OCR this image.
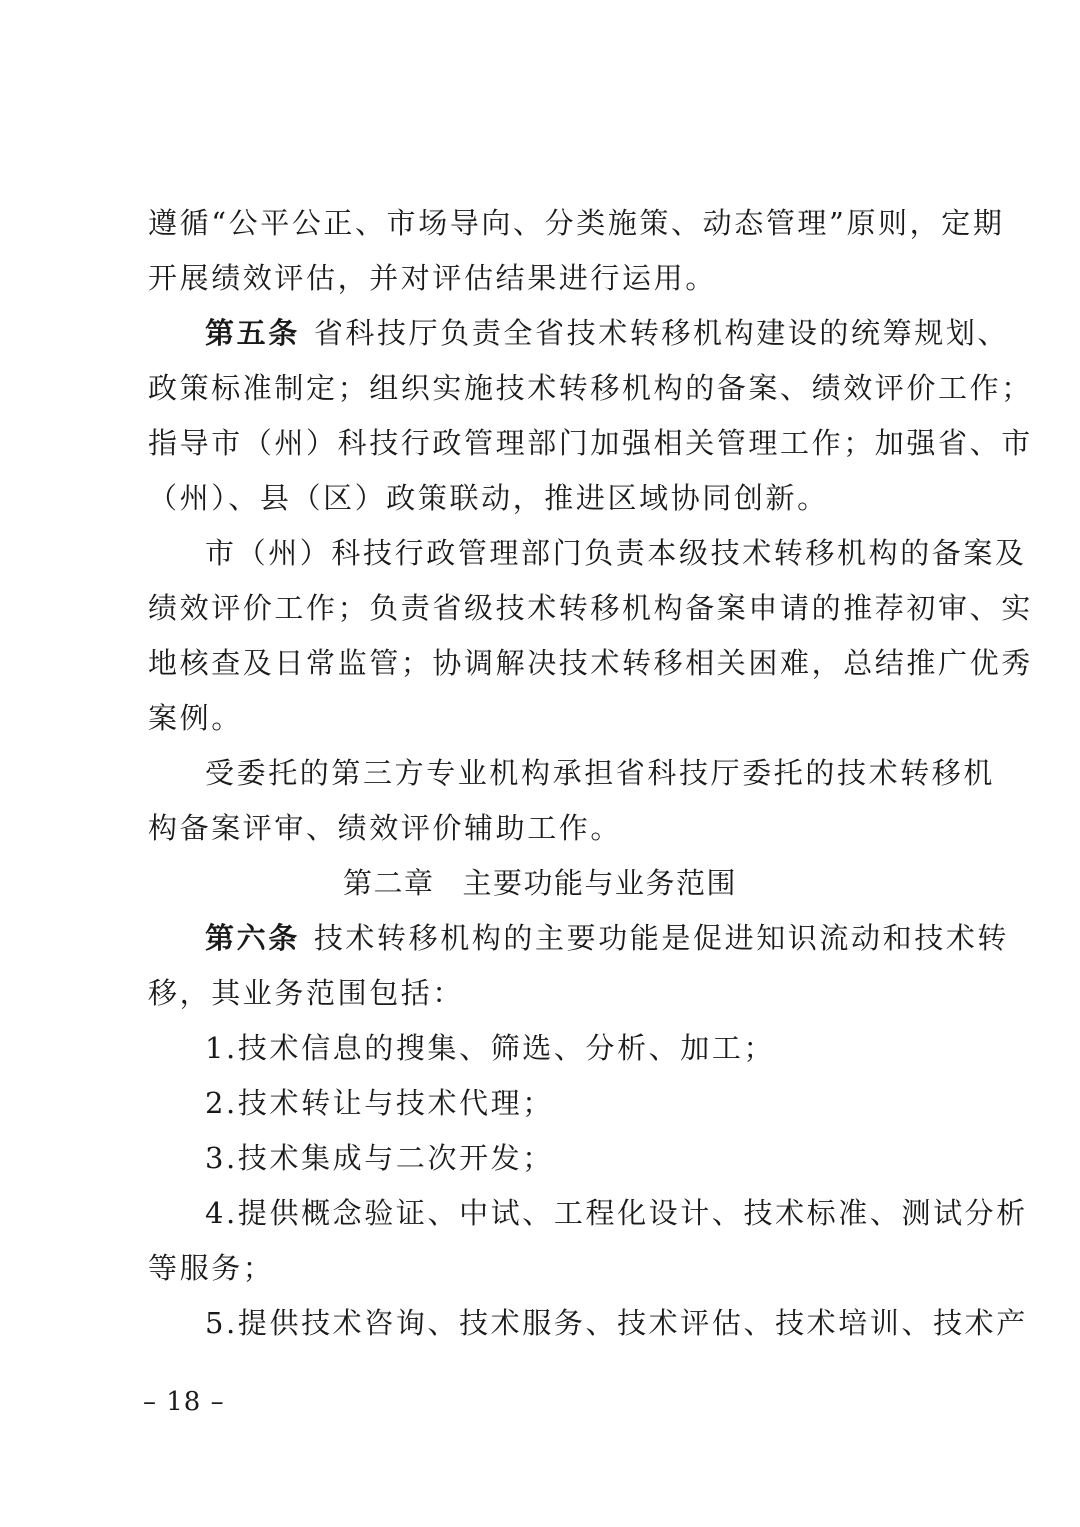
遵循“公平公正、市场导向、分类施策、动态管理”原则，定期
开展绩效评估，并对评估结果进行运用。
第五条 省科技厅负责全省技术转移机构建设的统筹规划、
政策标准制定；组织实施技术转移机构的备案、绩效评价工作；
指导市（州）科技行政管理部门加强相关管理工作；加强省、市
（州）、县（区）政策联动，推进区域协同创新。
市（州）科技行政管理部门负责本级技术转移机构的备案及
绩效评价工作；负责省级技术转移机构备案申请的推荐初审、实
地核查及日常监管；协调解决技术转移相关困难，总结推广优秀
案例。
受委托的第三方专业机构承担省科技厅委托的技术转移机
构备案评审、绩效评价辅助工作。
第二章 主要功能与业务范围
第六条 技术转移机构的主要功能是促进知识流动和技术转
移，其业务范围包括：
1.技术信息的搜集、筛选、分析、加工；
2.技术转让与技术代理；
3.技术集成与二次开发；
4.提供概念验证、中试、工程化设计、技术标准、测试分析
等服务；
5.提供技术咨询、技术服务、技术评估、技术培训、技术产
– 18 –
